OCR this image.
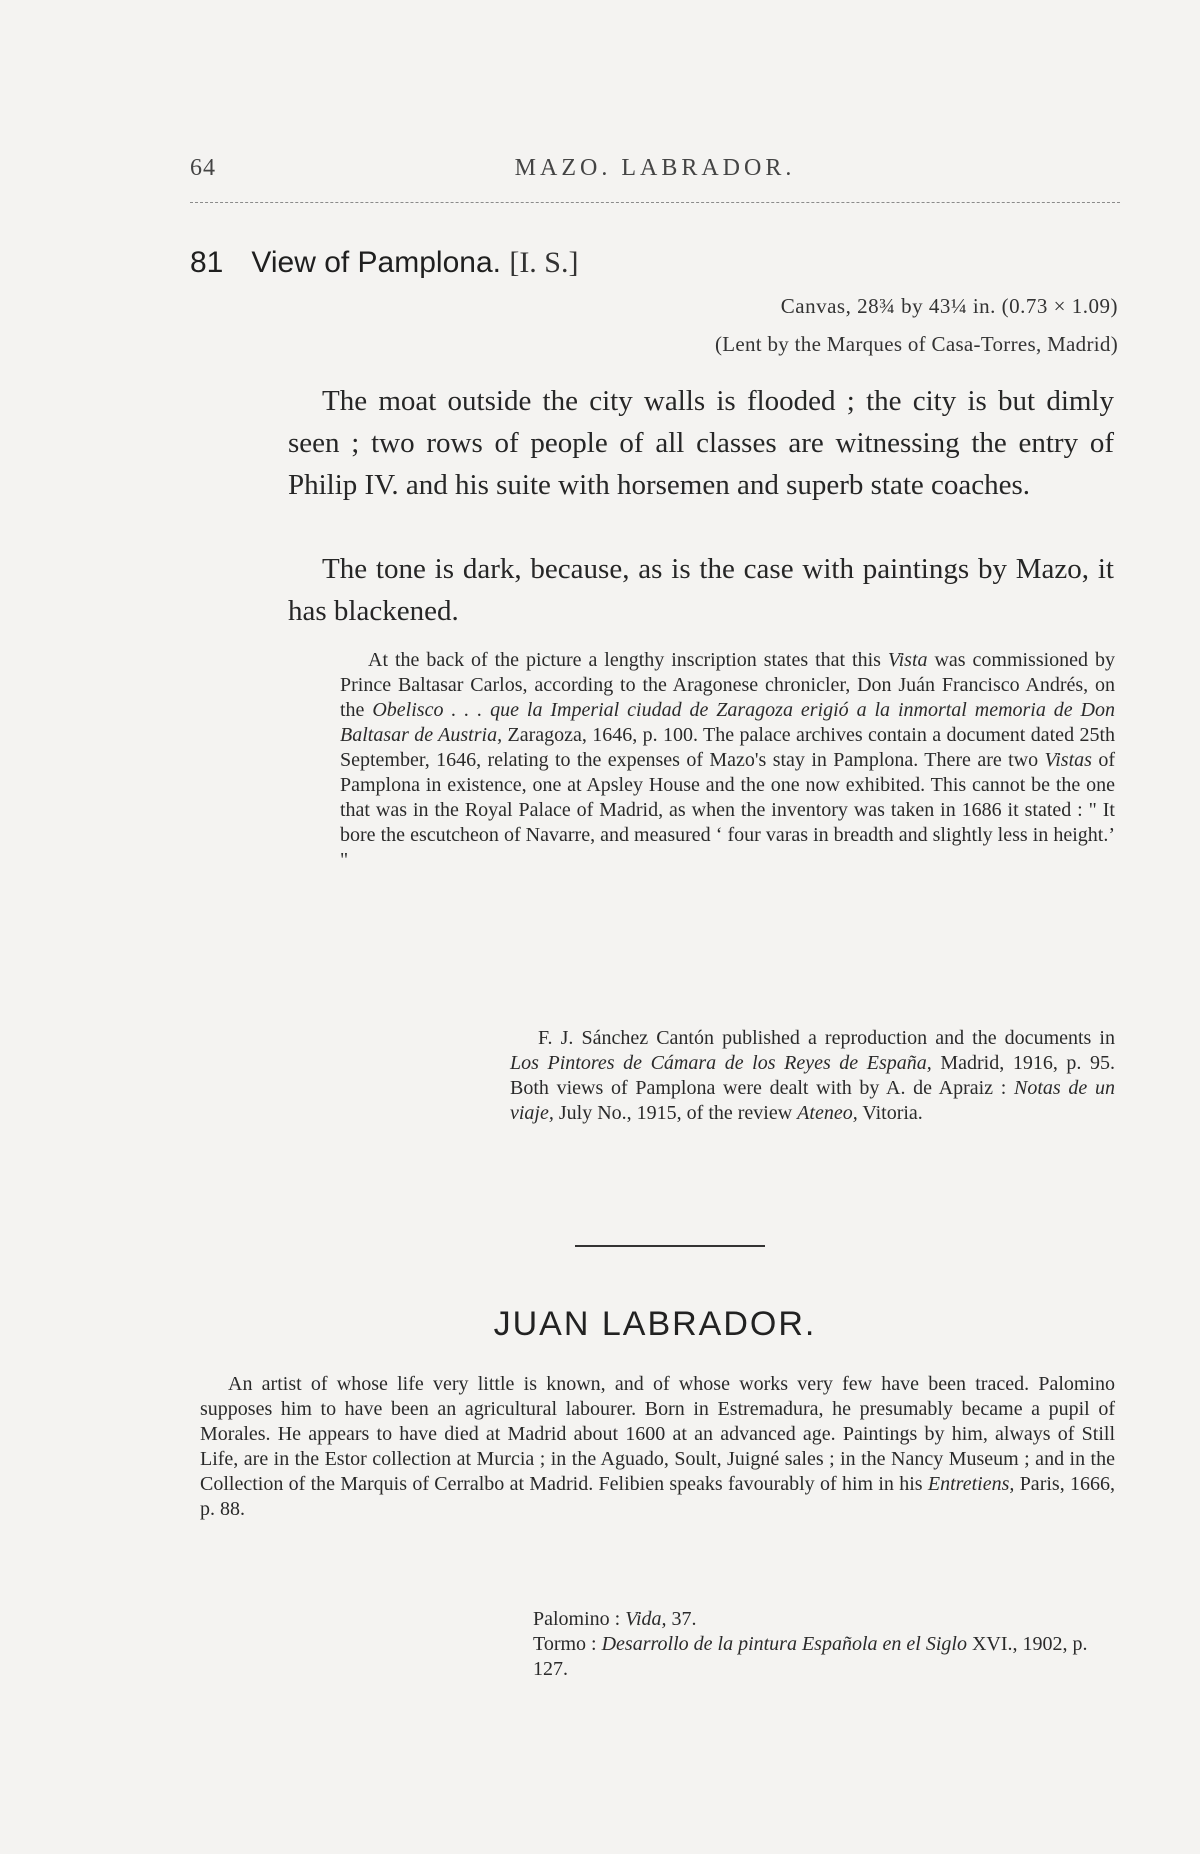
64	MAZO. LABRADOR.
81 View of Pamplona. [I. S.]
Canvas, 28¾ by 43¼ in. (0.73 × 1.09)
(Lent by the Marques of Casa-Torres, Madrid)

The moat outside the city walls is flooded ; the city is but dimly seen ; two rows of people of all classes are witnessing the entry of Philip IV. and his suite with horsemen and superb state coaches.

The tone is dark, because, as is the case with paintings by Mazo, it has blackened.

At the back of the picture a lengthy inscription states that this Vista was commissioned by Prince Baltasar Carlos, according to the Aragonese chronicler, Don Juán Francisco Andrés, on the Obelisco . . . que la Imperial ciudad de Zaragoza erigió a la inmortal memoria de Don Baltasar de Austria, Zaragoza, 1646, p. 100. The palace archives contain a document dated 25th September, 1646, relating to the expenses of Mazo's stay in Pamplona. There are two Vistas of Pamplona in existence, one at Apsley House and the one now exhibited. This cannot be the one that was in the Royal Palace of Madrid, as when the inventory was taken in 1686 it stated : " It bore the escutcheon of Navarre, and measured ‘ four varas in breadth and slightly less in height.’ "

F. J. Sánchez Cantón published a reproduction and the documents in Los Pintores de Cámara de los Reyes de España, Madrid, 1916, p. 95. Both views of Pamplona were dealt with by A. de Apraiz : Notas de un viaje, July No., 1915, of the review Ateneo, Vitoria.

JUAN LABRADOR.

An artist of whose life very little is known, and of whose works very few have been traced. Palomino supposes him to have been an agricultural labourer. Born in Estremadura, he presumably became a pupil of Morales. He appears to have died at Madrid about 1600 at an advanced age. Paintings by him, always of Still Life, are in the Estor collection at Murcia ; in the Aguado, Soult, Juigné sales ; in the Nancy Museum ; and in the Collection of the Marquis of Cerralbo at Madrid. Felibien speaks favourably of him in his Entretiens, Paris, 1666, p. 88.

Palomino : Vida, 37.

Tormo : Desarrollo de la pintura Española en el Siglo XVI., 1902, p. 127.
